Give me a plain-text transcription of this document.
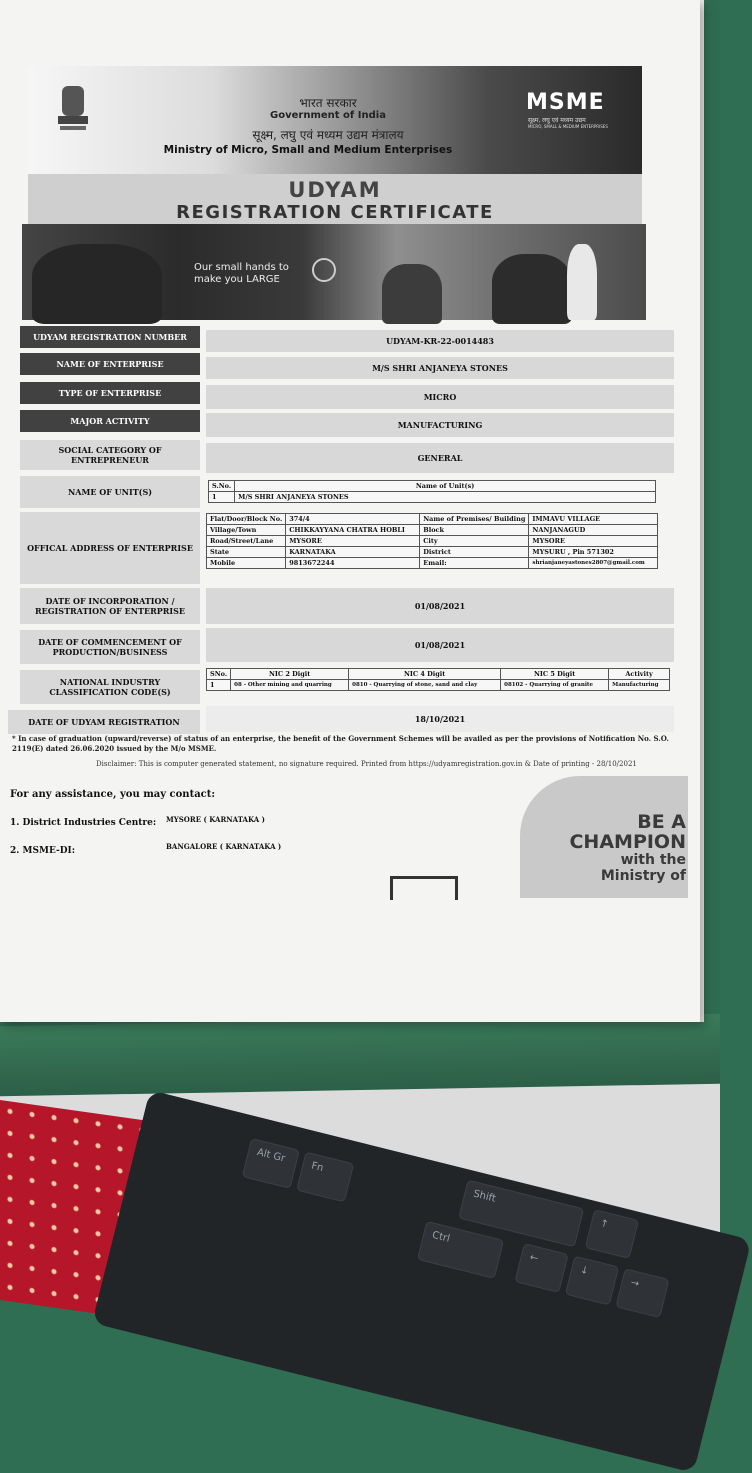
Alt Gr
Fn
Shift
Ctrl
↑
←
↓
→
भारत सरकार
Government of India
सूक्ष्म, लघु एवं मध्यम उद्यम मंत्रालय
Ministry of Micro, Small and Medium Enterprises
MSME
सूक्ष्म, लघु एवं मध्यम उद्यम
MICRO, SMALL & MEDIUM ENTERPRISES
UDYAM
REGISTRATION CERTIFICATE
Our small hands to
make you LARGE
UDYAM REGISTRATION NUMBER	UDYAM-KR-22-0014483
NAME OF ENTERPRISE	M/S SHRI ANJANEYA STONES
TYPE OF ENTERPRISE	MICRO
MAJOR ACTIVITY	MANUFACTURING
SOCIAL CATEGORY OF
ENTREPRENEUR	GENERAL
NAME OF UNIT(S)
S.No.	Name of Unit(s)
1	M/S SHRI ANJANEYA STONES
OFFICAL ADDRESS OF ENTERPRISE
Flat/Door/Block No.	374/4	Name of Premises/ Building	IMMAVU VILLAGE
Village/Town	CHIKKAYYANA CHATRA HOBLI	Block	NANJANAGUD
Road/Street/Lane	MYSORE	City	MYSORE
State	KARNATAKA	District	MYSURU , Pin 571302
Mobile	9813672244	Email:	shrianjaneyastones2807@gmail.com
DATE OF INCORPORATION /
REGISTRATION OF ENTERPRISE	01/08/2021
DATE OF COMMENCEMENT OF
PRODUCTION/BUSINESS
01/08/2021
NATIONAL INDUSTRY
CLASSIFICATION CODE(S)
SNo.	NIC 2 Digit	NIC 4 Digit	NIC 5 Digit	Activity
1	08 - Other mining and quarring	0810 - Quarrying of stone, sand and clay	08102 - Quarrying of granite	Manufacturing
DATE OF UDYAM REGISTRATION	18/10/2021
* In case of graduation (upward/reverse) of status of an enterprise, the benefit of the Government Schemes will be availed as per the provisions of Notification No. S.O. 2119(E) dated 26.06.2020 issued by the M/o MSME.
Disclaimer: This is computer generated statement, no signature required. Printed from https://udyamregistration.gov.in & Date of printing - 28/10/2021
For any assistance, you may contact:
1. District Industries Centre: MYSORE ( KARNATAKA )
2. MSME-DI:	BANGALORE ( KARNATAKA )
BE A
CHAMPION
with the
Ministry of
